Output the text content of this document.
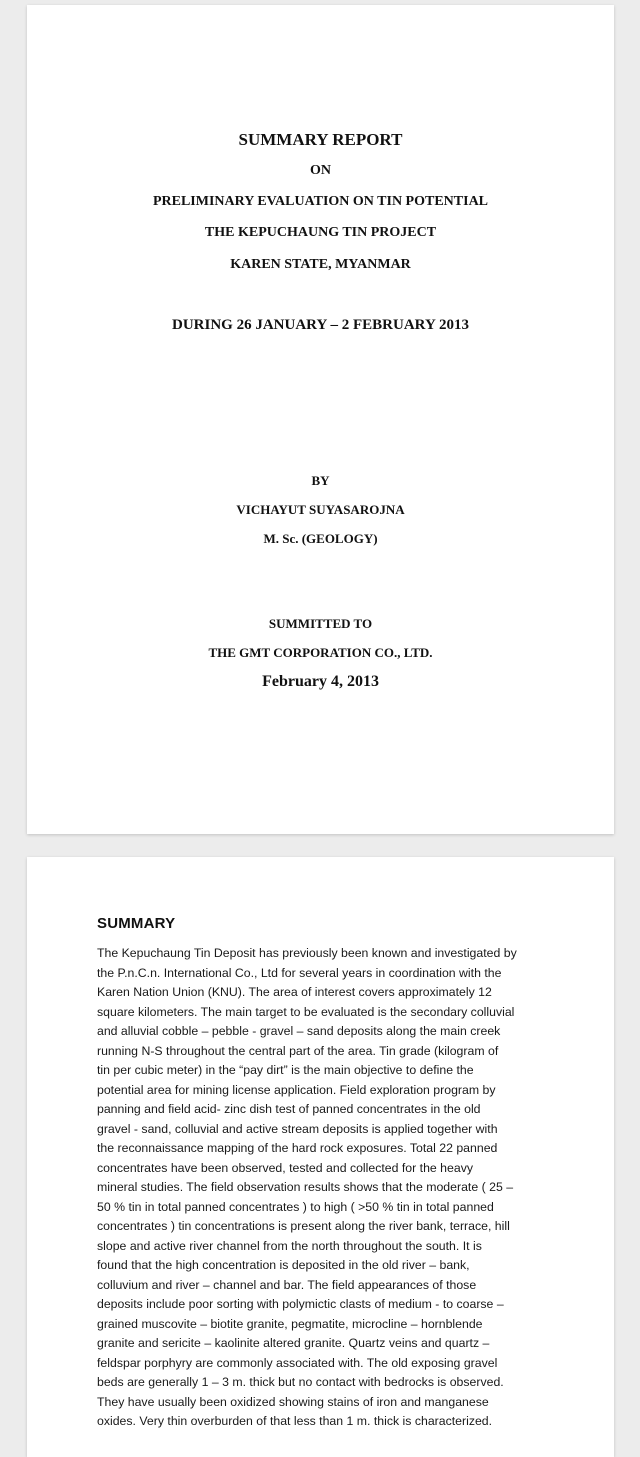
SUMMARY REPORT
ON
PRELIMINARY EVALUATION ON TIN POTENTIAL
THE KEPUCHAUNG TIN PROJECT
KAREN STATE, MYANMAR
DURING 26 JANUARY – 2 FEBRUARY 2013
BY
VICHAYUT SUYASAROJNA
M. Sc. (GEOLOGY)
SUMMITTED TO
THE GMT CORPORATION CO., LTD.
February 4, 2013
SUMMARY

The Kepuchaung Tin Deposit has previously been known and investigated by
the P.n.C.n. International Co., Ltd for several years in coordination with the
Karen Nation Union (KNU). The area of interest covers approximately 12
square kilometers. The main target to be evaluated is the secondary colluvial
and alluvial cobble – pebble - gravel – sand deposits along the main creek
running N-S throughout the central part of the area. Tin grade (kilogram of
tin per cubic meter) in the “pay dirt” is the main objective to define the
potential area for mining license application. Field exploration program by
panning and field acid- zinc dish test of panned concentrates in the old
gravel - sand, colluvial and active stream deposits is applied together with
the reconnaissance mapping of the hard rock exposures. Total 22 panned
concentrates have been observed, tested and collected for the heavy
mineral studies. The field observation results shows that the moderate ( 25 –
50 % tin in total panned concentrates ) to high ( >50 % tin in total panned
concentrates ) tin concentrations is present along the river bank, terrace, hill
slope and active river channel from the north throughout the south. It is
found that the high concentration is deposited in the old river – bank,
colluvium and river – channel and bar. The field appearances of those
deposits include poor sorting with polymictic clasts of medium - to coarse –
grained muscovite – biotite granite, pegmatite, microcline – hornblende
granite and sericite – kaolinite altered granite. Quartz veins and quartz –
feldspar porphyry are commonly associated with. The old exposing gravel
beds are generally 1 – 3 m. thick but no contact with bedrocks is observed.
They have usually been oxidized showing stains of iron and manganese
oxides. Very thin overburden of that less than 1 m. thick is characterized.
